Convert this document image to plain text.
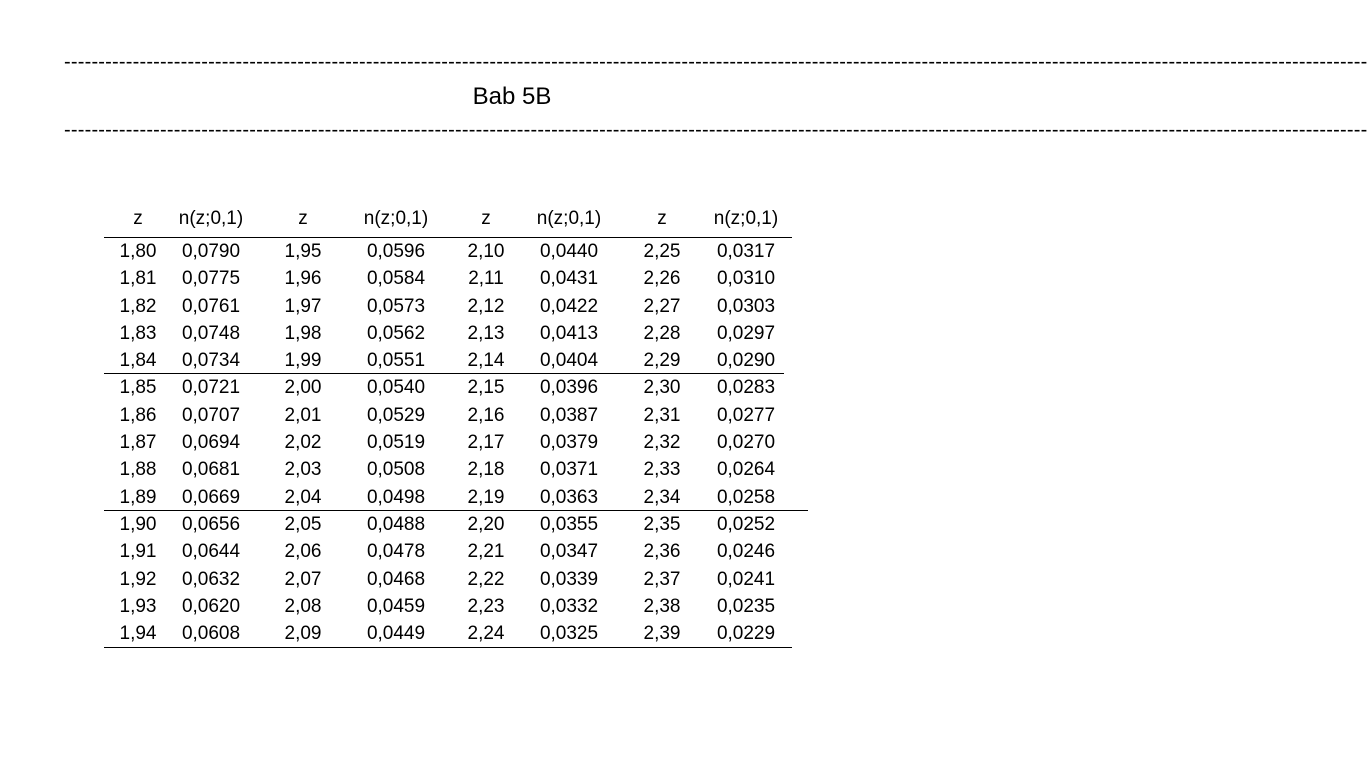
----------------------------------------------------------------------------------------------------------------------------------------------------------------------------------------------
Bab 5B
----------------------------------------------------------------------------------------------------------------------------------------------------------------------------------------------
z n(z;0,1)	z	n(z;0,1)	z n(z;0,1)	z n(z;0,1)
1,80 0,0790 1,95 0,0596 2,10 0,0440 2,25 0,0317
1,81 0,0775 1,96 0,0584 2,11 0,0431 2,26 0,0310
1,82 0,0761 1,97 0,0573 2,12 0,0422 2,27 0,0303
1,83 0,0748 1,98 0,0562 2,13 0,0413 2,28 0,0297
1,84 0,0734 1,99 0,0551 2,14 0,0404 2,29 0,0290
1,85 0,0721 2,00 0,0540 2,15 0,0396 2,30 0,0283
1,86 0,0707 2,01 0,0529 2,16 0,0387 2,31 0,0277
1,87 0,0694 2,02 0,0519 2,17 0,0379 2,32 0,0270
1,88 0,0681 2,03 0,0508 2,18 0,0371 2,33 0,0264
1,89 0,0669 2,04 0,0498 2,19 0,0363 2,34 0,0258
1,90 0,0656 2,05 0,0488 2,20 0,0355 2,35 0,0252
1,91 0,0644 2,06 0,0478 2,21 0,0347 2,36 0,0246
1,92 0,0632 2,07 0,0468 2,22 0,0339 2,37 0,0241
1,93 0,0620 2,08 0,0459 2,23 0,0332 2,38 0,0235
1,94 0,0608 2,09 0,0449 2,24 0,0325 2,39 0,0229
